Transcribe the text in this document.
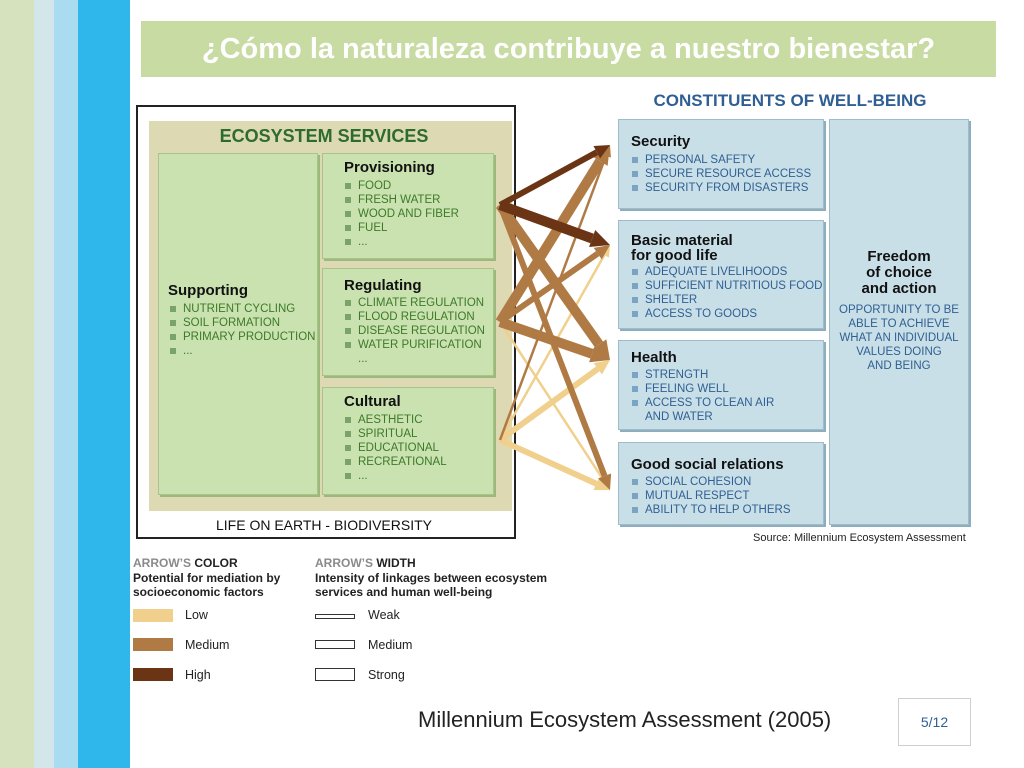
¿Cómo la naturaleza contribuye a nuestro bienestar?
CONSTITUENTS OF WELL-BEING
ECOSYSTEM SERVICES
Supporting
NUTRIENT CYCLING
SOIL FORMATION
PRIMARY PRODUCTION
...
Provisioning
FOOD
FRESH WATER
WOOD AND FIBER
FUEL
...
Regulating
CLIMATE REGULATION
FLOOD REGULATION
DISEASE REGULATION
WATER PURIFICATION
...
Cultural
AESTHETIC
SPIRITUAL
EDUCATIONAL
RECREATIONAL
...
LIFE ON EARTH - BIODIVERSITY
Security
PERSONAL SAFETY
SECURE RESOURCE ACCESS
SECURITY FROM DISASTERS
Basic material
for good life
ADEQUATE LIVELIHOODS
SUFFICIENT NUTRITIOUS FOOD
SHELTER
ACCESS TO GOODS
Health
STRENGTH
FEELING WELL
ACCESS TO CLEAN AIR
AND WATER
Good social relations
SOCIAL COHESION
MUTUAL RESPECT
ABILITY TO HELP OTHERS
Freedom
of choice
and action
OPPORTUNITY TO BE
ABLE TO ACHIEVE
WHAT AN INDIVIDUAL
VALUES DOING
AND BEING
Source: Millennium Ecosystem Assessment
ARROW’S COLOR
Potential for mediation by
socioeconomic factors
Low
Medium
High
ARROW’S WIDTH
Intensity of linkages between ecosystem
services and human well-being
Weak
Medium
Strong
Millennium Ecosystem Assessment (2005)	5/12
